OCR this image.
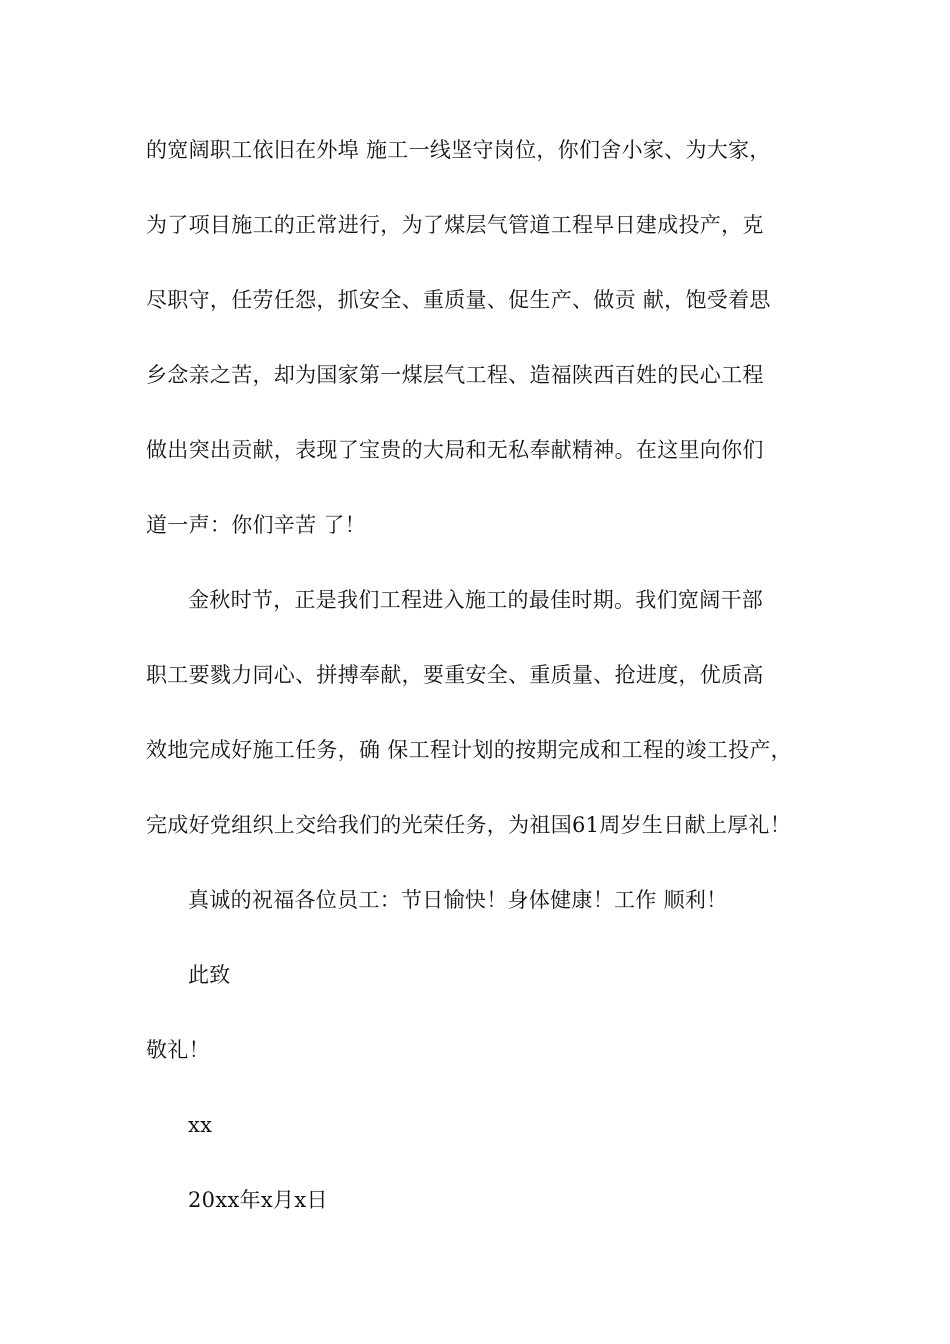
的宽阔职工依旧在外埠 施工一线坚守岗位，你们舍小家、为大家，
为了项目施工的正常进行，为了煤层气管道工程早日建成投产，克
尽职守，任劳任怨，抓安全、重质量、促生产、做贡 献，饱受着思
乡念亲之苦，却为国家第一煤层气工程、造福陕西百姓的民心工程
做出突出贡献，表现了宝贵的大局和无私奉献精神。在这里向你们
道一声：你们辛苦 了！
金秋时节，正是我们工程进入施工的最佳时期。我们宽阔干部
职工要戮力同心、拼搏奉献，要重安全、重质量、抢进度，优质高
效地完成好施工任务，确 保工程计划的按期完成和工程的竣工投产，
完成好党组织上交给我们的光荣任务，为祖国61周岁生日献上厚礼！
真诚的祝福各位员工：节日愉快！身体健康！工作 顺利！
此致
敬礼！
xx
20xx年x月x日
